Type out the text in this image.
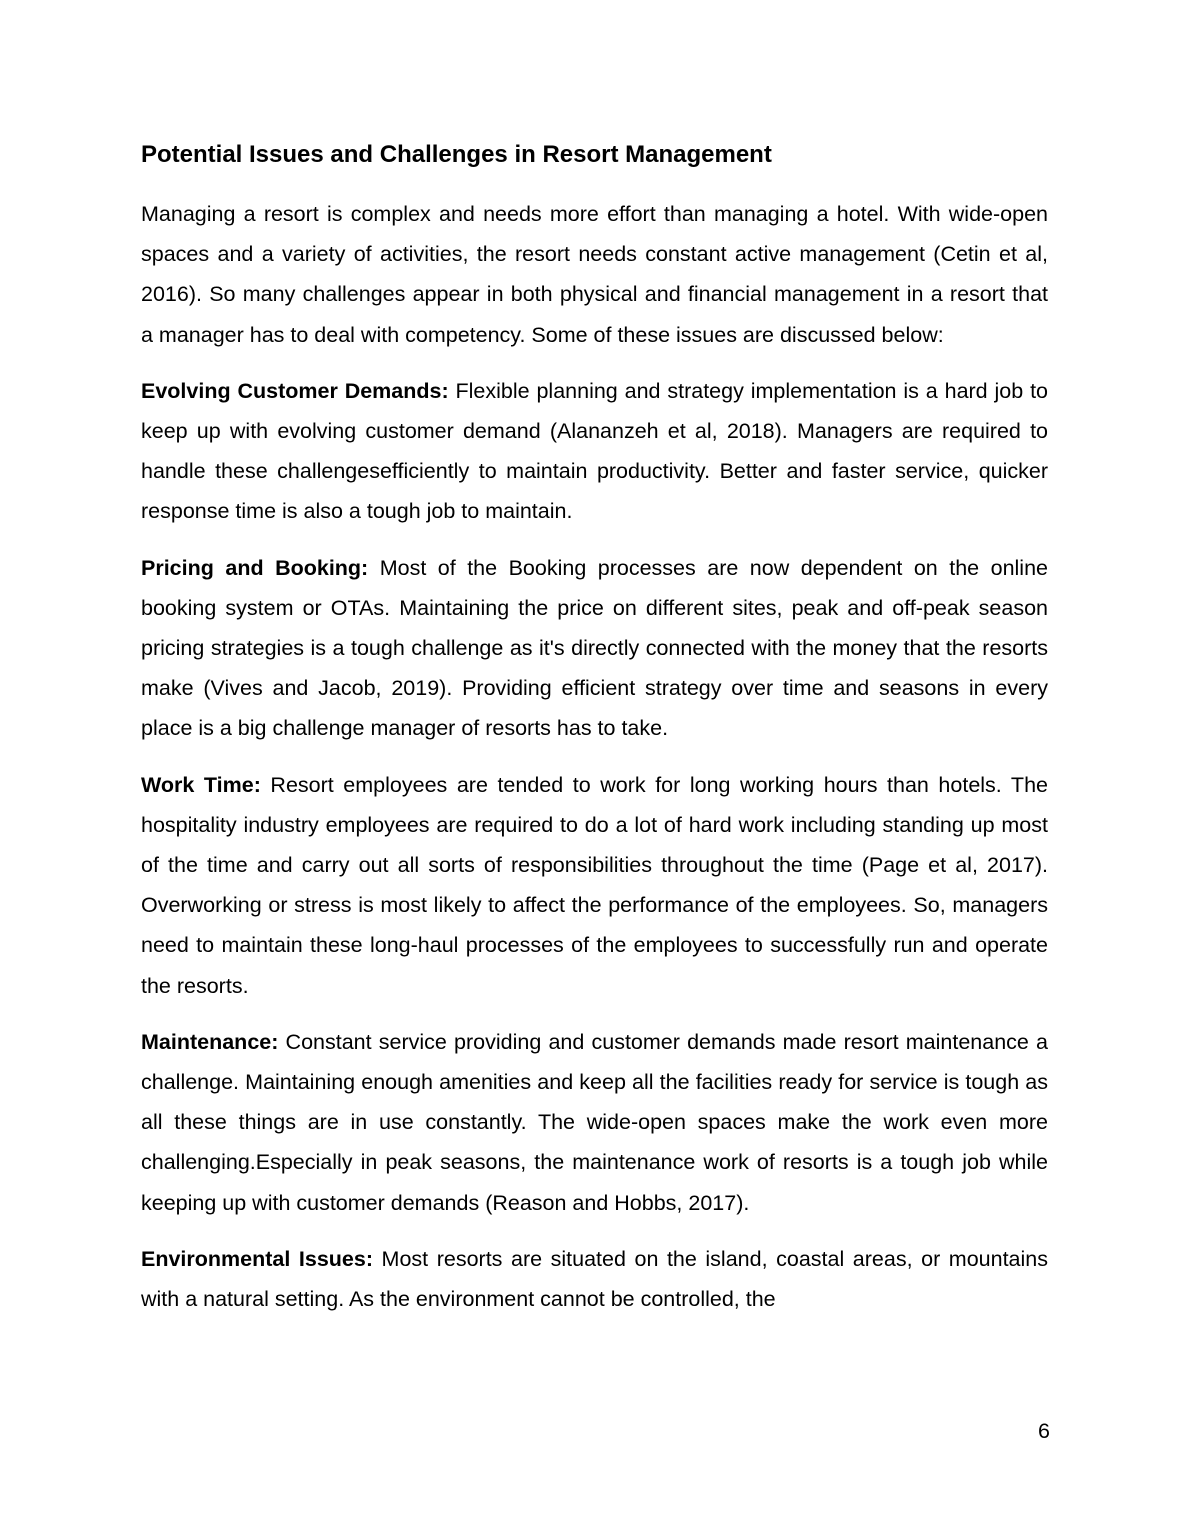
Potential Issues and Challenges in Resort Management

Managing a resort is complex and needs more effort than managing a hotel. With wide-open spaces and a variety of activities, the resort needs constant active management (Cetin et al, 2016). So many challenges appear in both physical and financial management in a resort that a manager has to deal with competency. Some of these issues are discussed below:

Evolving Customer Demands: Flexible planning and strategy implementation is a hard job to keep up with evolving customer demand (Alananzeh et al, 2018). Managers are required to handle these challengesefficiently to maintain productivity. Better and faster service, quicker response time is also a tough job to maintain.

Pricing and Booking: Most of the Booking processes are now dependent on the online booking system or OTAs. Maintaining the price on different sites, peak and off-peak season pricing strategies is a tough challenge as it's directly connected with the money that the resorts make (Vives and Jacob, 2019). Providing efficient strategy over time and seasons in every place is a big challenge manager of resorts has to take.

Work Time: Resort employees are tended to work for long working hours than hotels. The hospitality industry employees are required to do a lot of hard work including standing up most of the time and carry out all sorts of responsibilities throughout the time (Page et al, 2017). Overworking or stress is most likely to affect the performance of the employees. So, managers need to maintain these long-haul processes of the employees to successfully run and operate the resorts.

Maintenance: Constant service providing and customer demands made resort maintenance a challenge. Maintaining enough amenities and keep all the facilities ready for service is tough as all these things are in use constantly. The wide-open spaces make the work even more challenging.Especially in peak seasons, the maintenance work of resorts is a tough job while keeping up with customer demands (Reason and Hobbs, 2017).

Environmental Issues: Most resorts are situated on the island, coastal areas, or mountains with a natural setting. As the environment cannot be controlled, the

6
